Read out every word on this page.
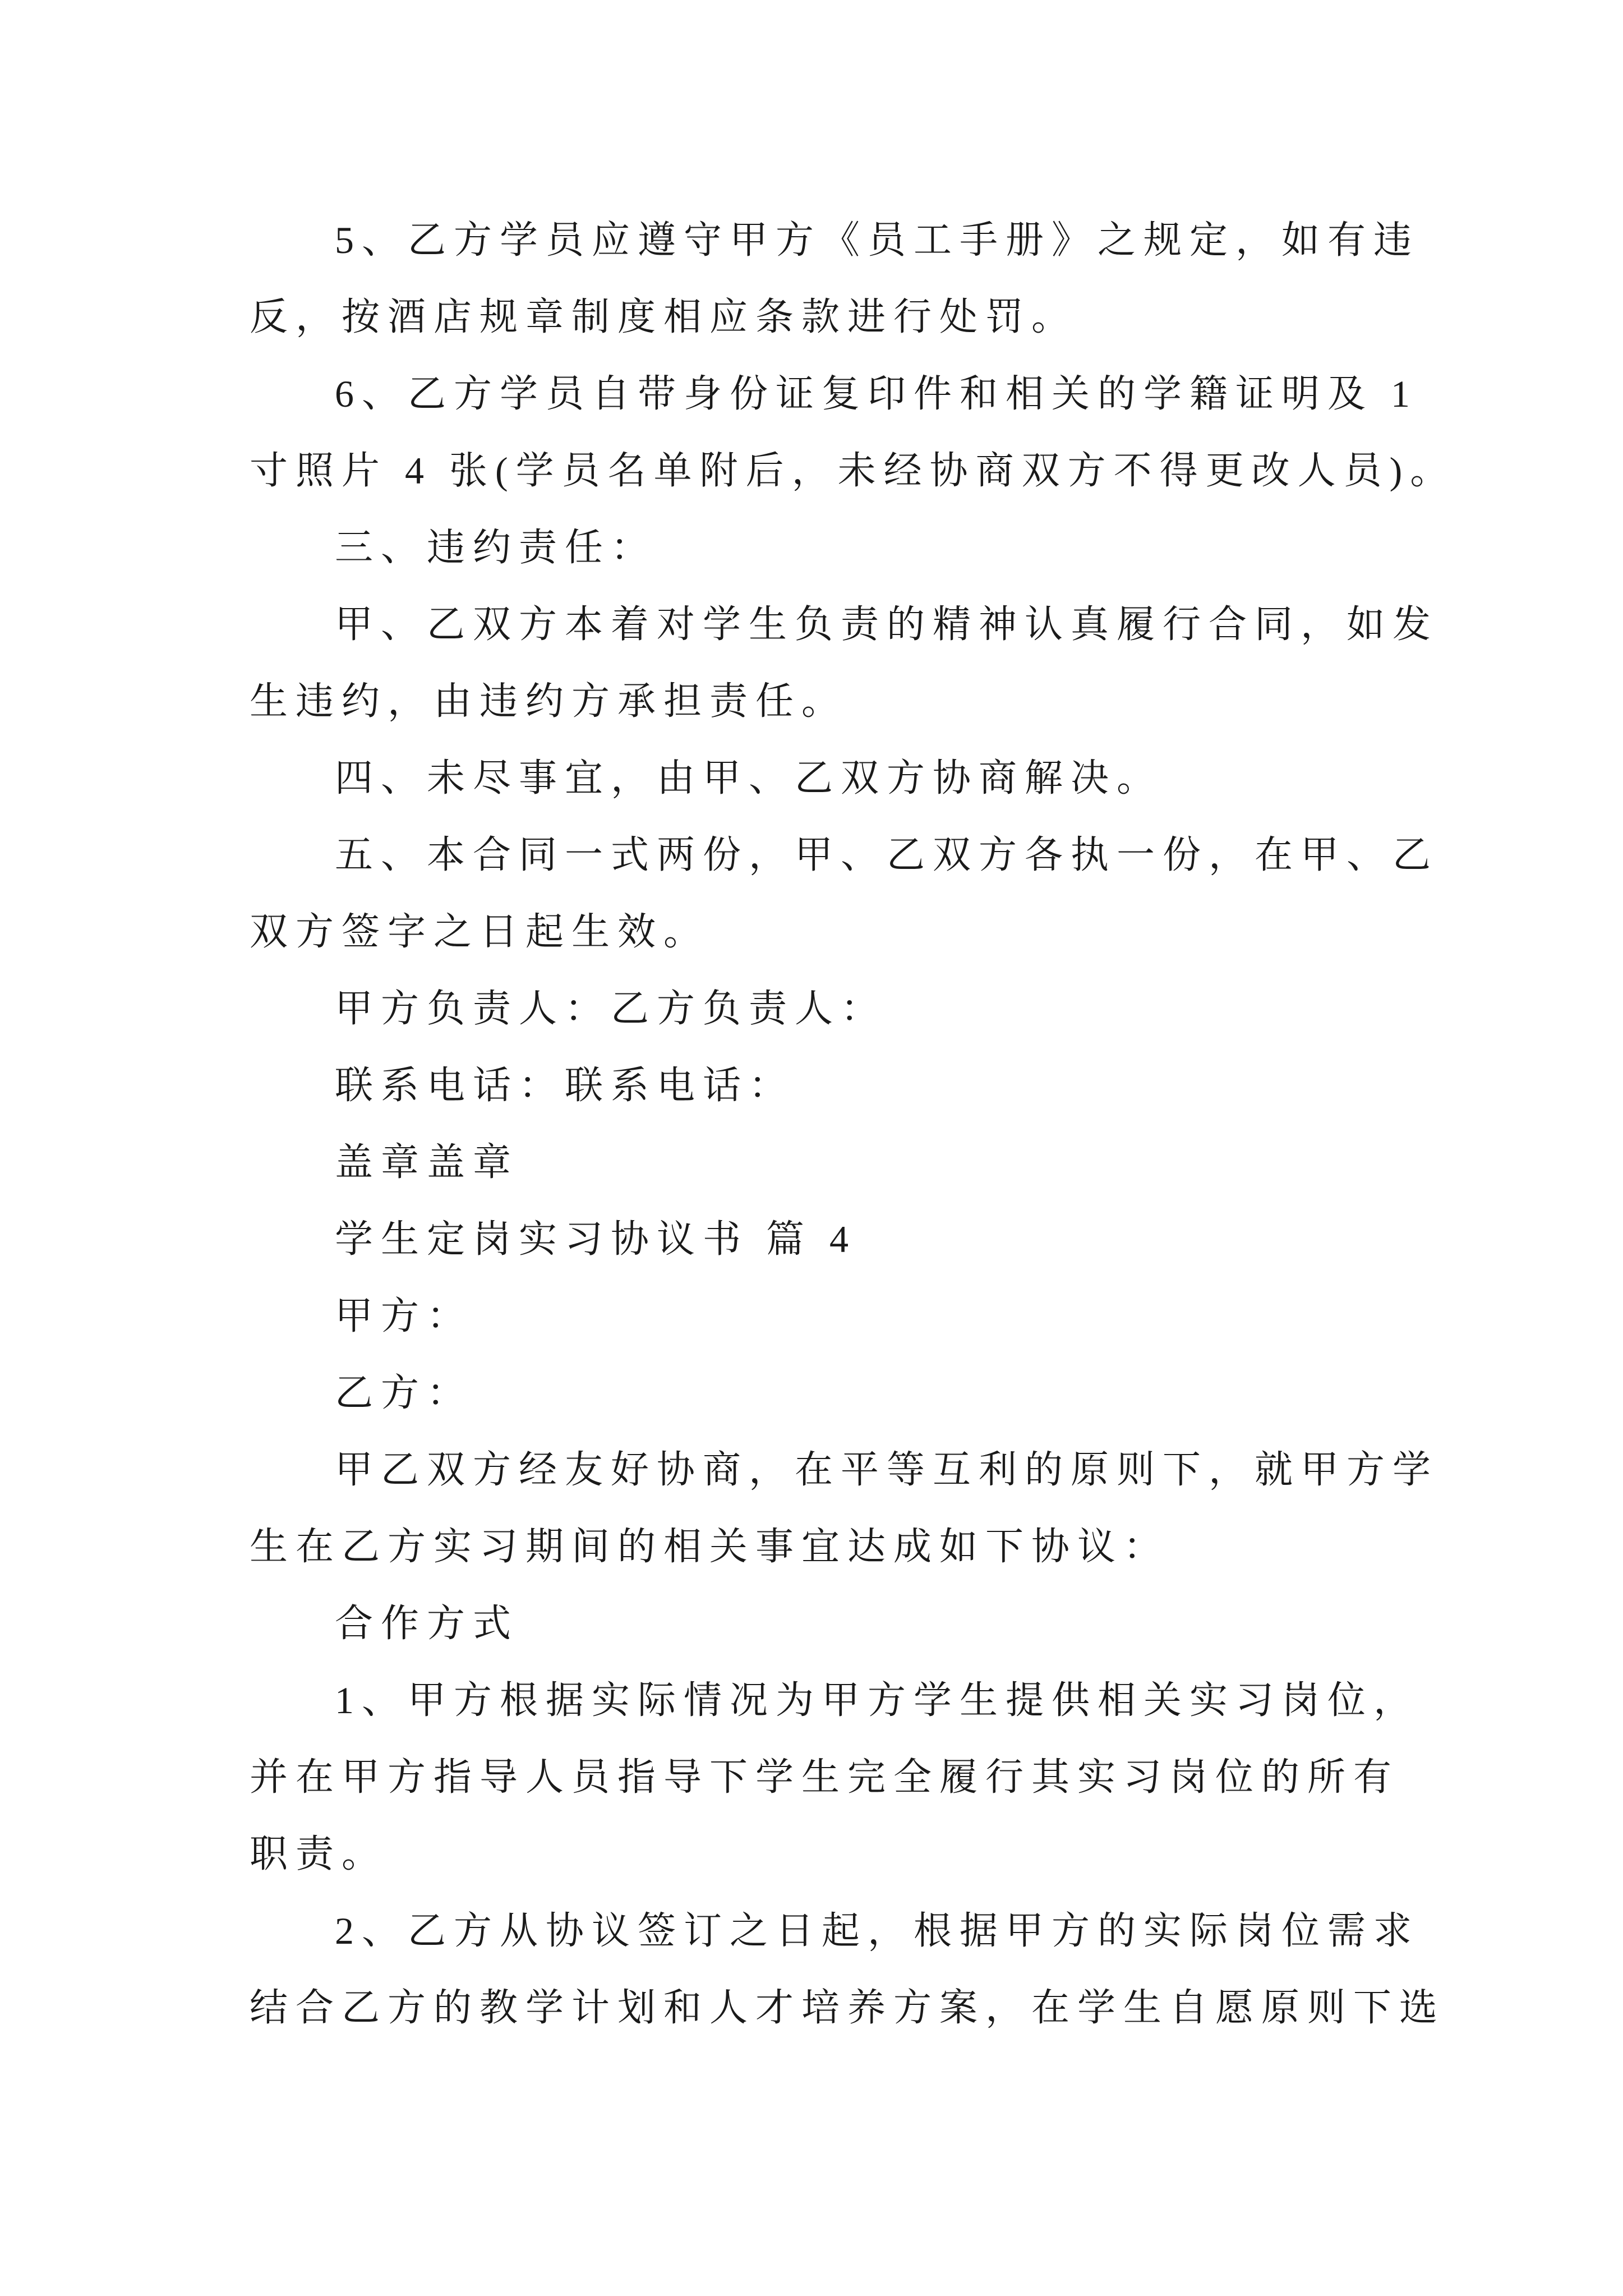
5、乙方学员应遵守甲方《员工手册》之规定，如有违
反，按酒店规章制度相应条款进行处罚。
6、乙方学员自带身份证复印件和相关的学籍证明及 1
寸照片 4 张(学员名单附后，未经协商双方不得更改人员)。
三、违约责任：
甲、乙双方本着对学生负责的精神认真履行合同，如发
生违约，由违约方承担责任。
四、未尽事宜，由甲、乙双方协商解决。
五、本合同一式两份，甲、乙双方各执一份，在甲、乙
双方签字之日起生效。
甲方负责人：乙方负责人：
联系电话：联系电话：
盖章盖章
学生定岗实习协议书 篇 4
甲方：
乙方：
甲乙双方经友好协商，在平等互利的原则下，就甲方学
生在乙方实习期间的相关事宜达成如下协议：
合作方式
1、甲方根据实际情况为甲方学生提供相关实习岗位，
并在甲方指导人员指导下学生完全履行其实习岗位的所有
职责。
2、乙方从协议签订之日起，根据甲方的实际岗位需求
结合乙方的教学计划和人才培养方案，在学生自愿原则下选
